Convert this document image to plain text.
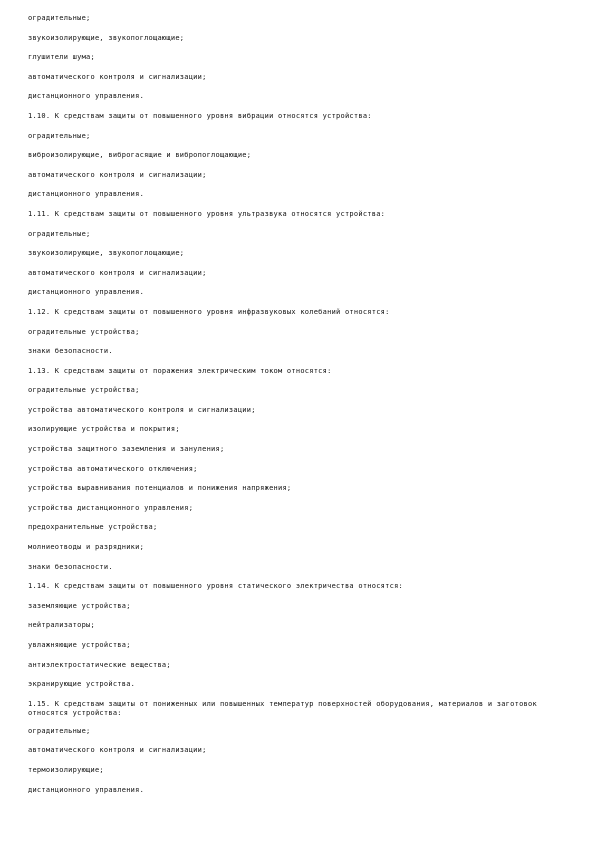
оградительные;
звукоизолирующие, звукопоглощающие;
глушители шума;
автоматического контроля и сигнализации;
дистанционного управления.
1.10. К средствам защиты от повышенного уровня вибрации относятся устройства:
оградительные;
виброизолирующие, виброгасящие и вибропоглощающие;
автоматического контроля и сигнализации;
дистанционного управления.
1.11. К средствам защиты от повышенного уровня ультразвука относятся устройства:
оградительные;
звукоизолирующие, звукопоглощающие;
автоматического контроля и сигнализации;
дистанционного управления.
1.12. К средствам защиты от повышенного уровня инфразвуковых колебаний относятся:
оградительные устройства;
знаки безопасности.
1.13. К средствам защиты от поражения электрическим током относятся:
оградительные устройства;
устройства автоматического контроля и сигнализации;
изолирующие устройства и покрытия;
устройства защитного заземления и зануления;
устройства автоматического отключения;
устройства выравнивания потенциалов и понижения напряжения;
устройства дистанционного управления;
предохранительные устройства;
молниеотводы и разрядники;
знаки безопасности.
1.14. К средствам защиты от повышенного уровня статического электричества относятся:
заземляющие устройства;
нейтрализаторы;
увлажняющие устройства;
антиэлектростатические вещества;
экранирующие устройства.
1.15. К средствам защиты от пониженных или повышенных температур поверхностей оборудования, материалов и заготовок относятся устройства:
оградительные;
автоматического контроля и сигнализации;
термоизолирующие;
дистанционного управления.
